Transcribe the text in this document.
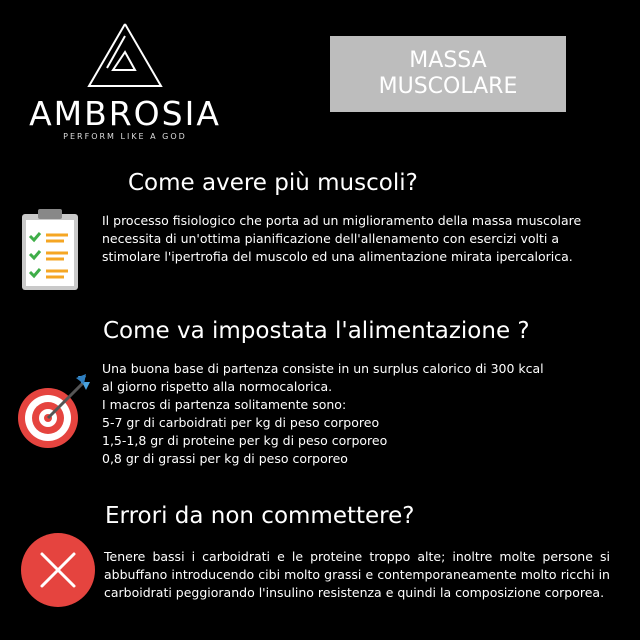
AMBROSIA
PERFORM LIKE A GOD
MASSA
MUSCOLARE
Come avere più muscoli?

Il processo fisiologico che porta ad un miglioramento della massa muscolare necessita di un'ottima pianificazione dell'allenamento con esercizi volti a stimolare l'ipertrofia del muscolo ed una alimentazione mirata ipercalorica.

Come va impostata l'alimentazione ?
Una buona base di partenza consiste in un surplus calorico di 300 kcal
al giorno rispetto alla normocalorica.
I macros di partenza solitamente sono:
5-7 gr di carboidrati per kg di peso corporeo
1,5-1,8 gr di proteine per kg di peso corporeo
0,8 gr di grassi per kg di peso corporeo
Errori da non commettere?

Tenere bassi i carboidrati e le proteine troppo alte; inoltre molte persone si abbuffano introducendo cibi molto grassi e contemporaneamente molto ricchi in carboidrati peggiorando l'insulino resistenza e quindi la composizione corporea.
